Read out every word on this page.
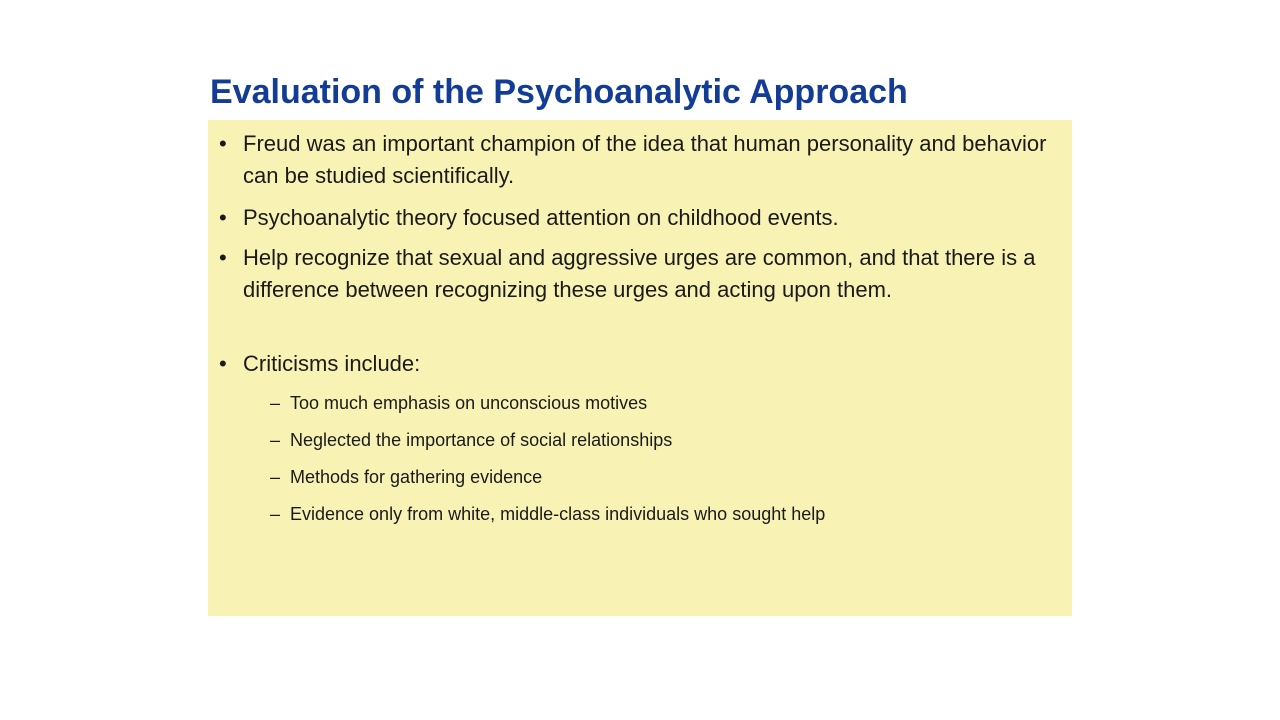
Evaluation of the Psychoanalytic Approach
• Freud was an important champion of the idea that human personality and behavior can be studied scientifically.
• Psychoanalytic theory focused attention on childhood events.
• Help recognize that sexual and aggressive urges are common, and that there is a difference between recognizing these urges and acting upon them.
• Criticisms include:
– Too much emphasis on unconscious motives
– Neglected the importance of social relationships
– Methods for gathering evidence
– Evidence only from white, middle-class individuals who sought help
